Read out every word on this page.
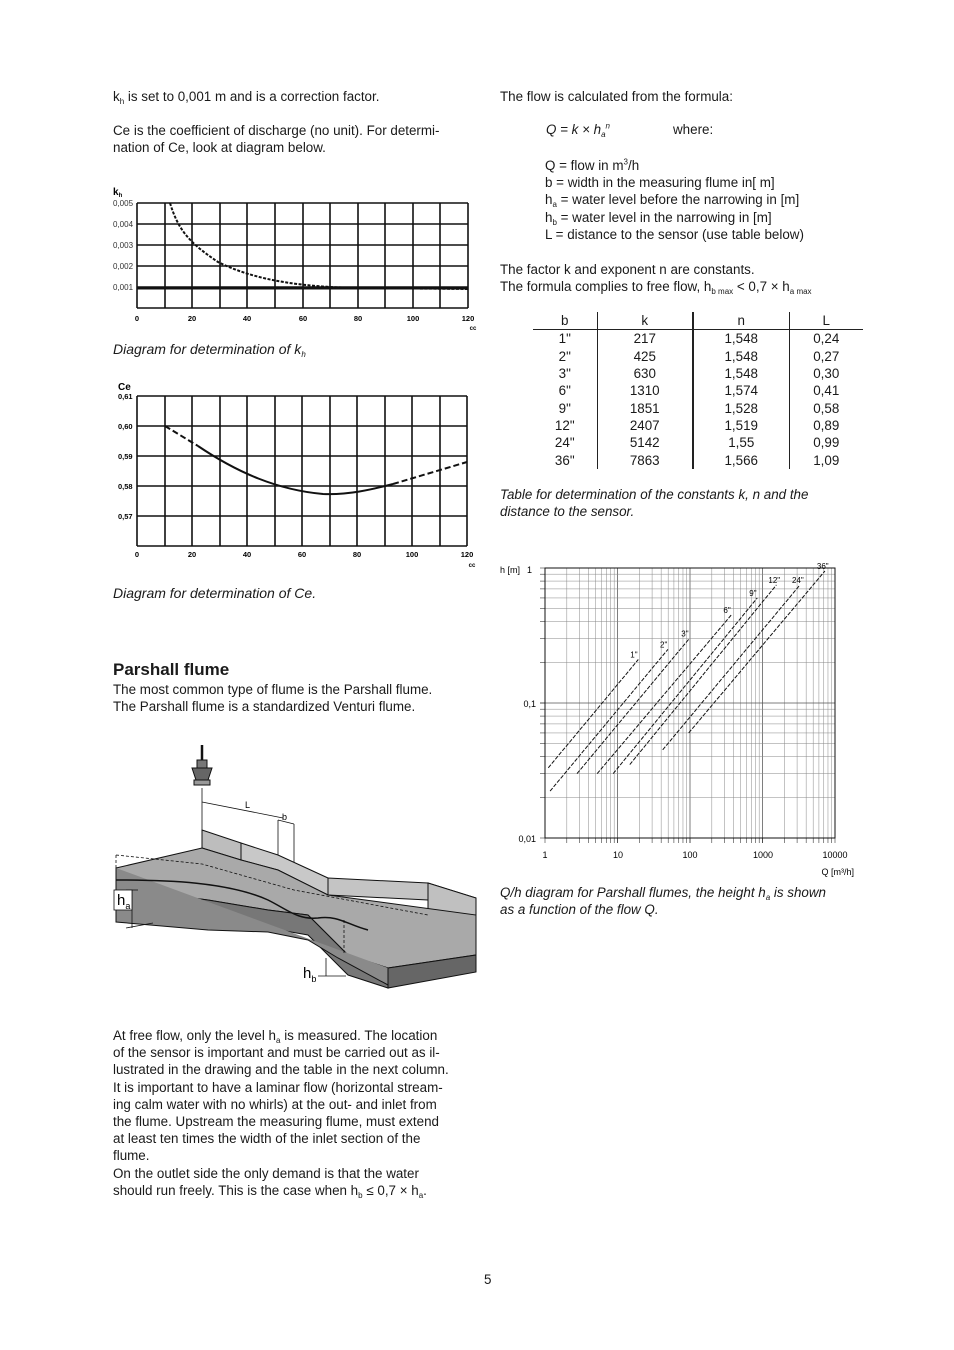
$k_h$ is set to 0,001 m and is a correction factor.

Ce is the coefficient of discharge (no unit). For determi-

nation of Ce, look at diagram below.

$k_h$
0,005
0,004
0,003
0,002
0,001
0	20	40	60	80	100	120
cc

Diagram for determination of $k_h$

Ce
0,61
0,60
0,59
0,58
0,57
0	20	40	60	80	100	120
cc

Diagram for determination of Ce.

Parshall flume

The most common type of flume is the Parshall flume.

The Parshall flume is a standardized Venturi flume.

L
b
$h_a$
$h_b$

At free flow, only the level $h_a$ is measured. The location

of the sensor is important and must be carried out as il-

lustrated in the drawing and the table in the next column.

It is important to have a laminar flow (horizontal stream-

ing calm water with no whirls) at the out- and inlet from

the flume. Upstream the measuring flume, must extend

at least ten times the width of the inlet section of the

flume.

On the outlet side the only demand is that the water

should run freely. This is the case when $h_b \le 0,7 \times h_a$.

The flow is calculated from the formula:

$Q = k \times h_a^n$	where:

Q = flow in $m^3/h$

b = width in the measuring flume in[ m]

$h_a$ = water level before the narrowing in [m]

$h_b$ = water level in the narrowing in [m]

L = distance to the sensor (use table below)

The factor k and exponent n are constants.

The formula complies to free flow, $h_{b max} < 0,7 \times h_{a max}$

b	k	n	L
1"	217	1,548	0,24
2"	425	1,548	0,27
3"	630	1,548	0,30
6"	1310	1,574	0,41
9"	1851	1,528	0,58
12"	2407	1,519	0,89
24"	5142	1,55	0,99
36"	7863	1,566	1,09

Table for determination of the constants k, n and the

distance to the sensor.

1"
2"
3"
6"
9"
12" 24"
36"
h [m] 1
0,1
0,01
1	10	100	1000	10000
Q [m³/h]

Q/h diagram for Parshall flumes, the height $h_a$ is shown

as a function of the flow Q.

5
